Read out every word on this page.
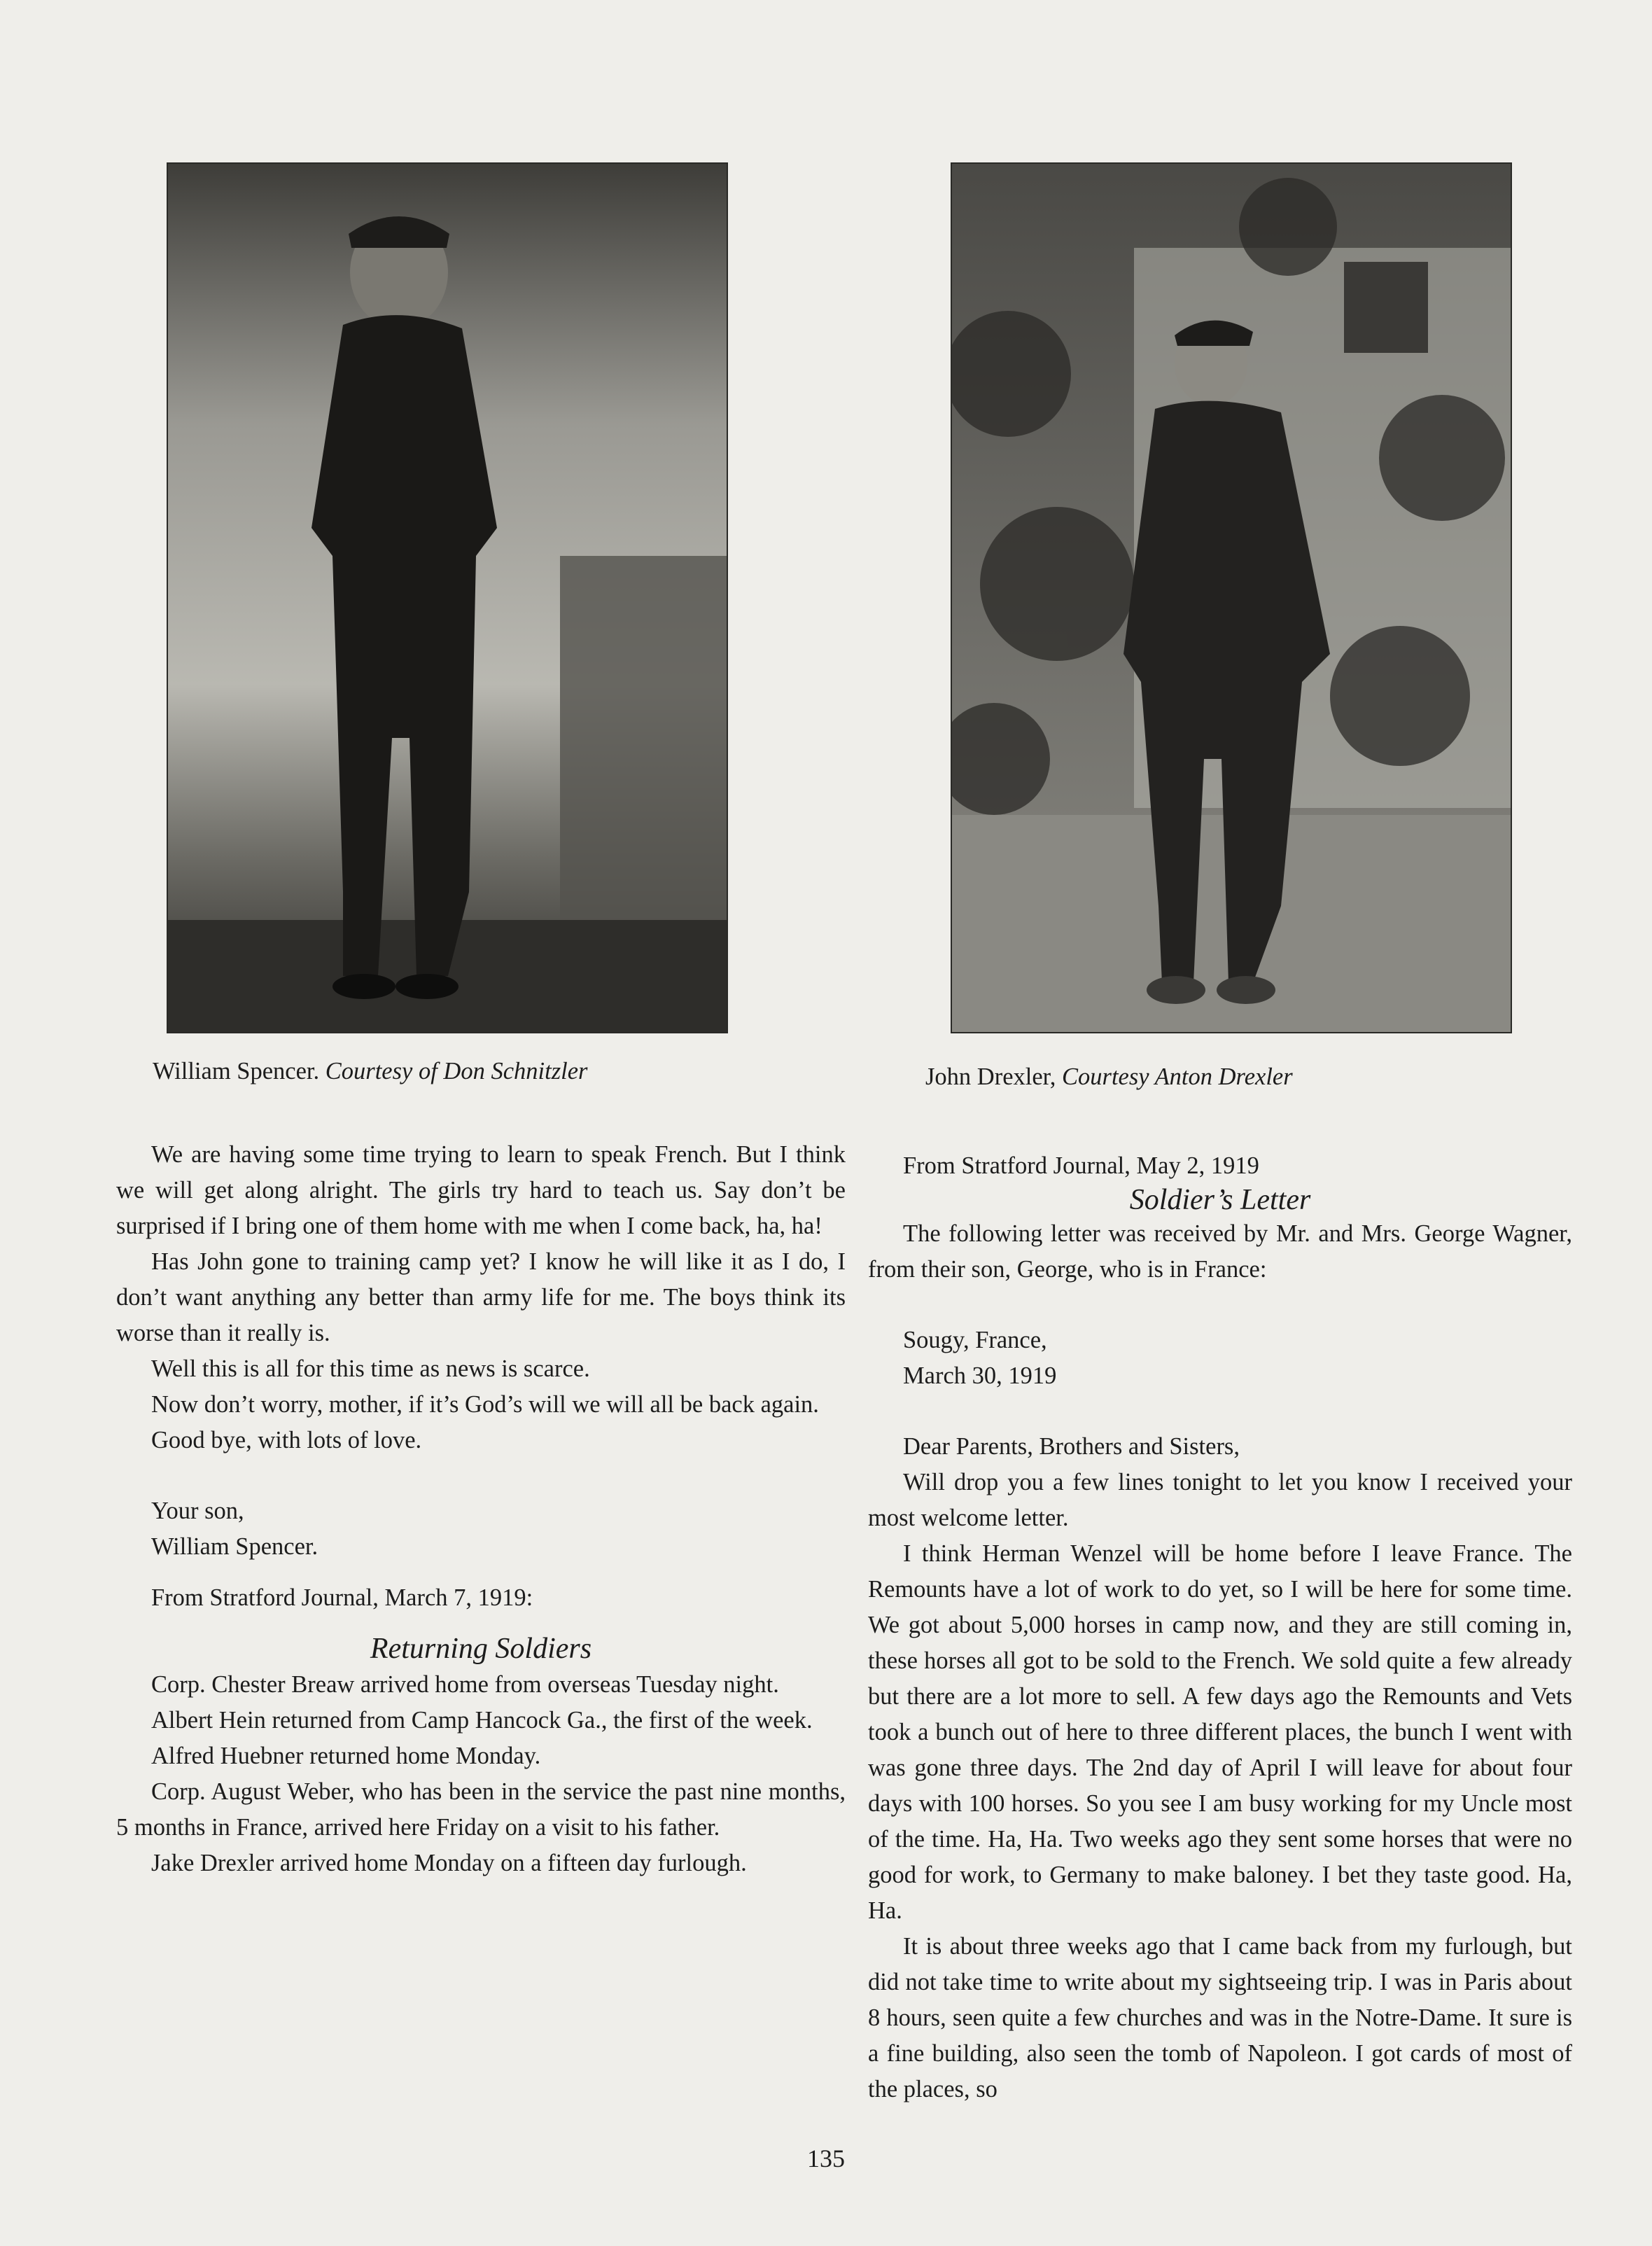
William Spencer. Courtesy of Don Schnitzler	John Drexler, Courtesy Anton Drexler

We are having some time trying to learn to speak French. But I think we will get along alright. The girls try hard to teach us. Say don’t be surprised if I bring one of them home with me when I come back, ha, ha!

Has John gone to training camp yet? I know he will like it as I do, I don’t want anything any better than army life for me. The boys think its worse than it really is.

Well this is all for this time as news is scarce.

Now don’t worry, mother, if it’s God’s will we will all be back again.

Good bye, with lots of love.

Your son,

William Spencer.

From Stratford Journal, March 7, 1919:

Returning Soldiers

Corp. Chester Breaw arrived home from overseas Tuesday night.

Albert Hein returned from Camp Hancock Ga., the first of the week.

Alfred Huebner returned home Monday.

Corp. August Weber, who has been in the service the past nine months, 5 months in France, arrived here Friday on a visit to his father.

Jake Drexler arrived home Monday on a fifteen day furlough.

From Stratford Journal, May 2, 1919

Soldier’s Letter

The following letter was received by Mr. and Mrs. George Wagner, from their son, George, who is in France:

Sougy, France,

March 30, 1919

Dear Parents, Brothers and Sisters,

Will drop you a few lines tonight to let you know I received your most welcome letter.

I think Herman Wenzel will be home before I leave France. The Remounts have a lot of work to do yet, so I will be here for some time. We got about 5,000 horses in camp now, and they are still coming in, these horses all got to be sold to the French. We sold quite a few already but there are a lot more to sell. A few days ago the Remounts and Vets took a bunch out of here to three different places, the bunch I went with was gone three days. The 2nd day of April I will leave for about four days with 100 horses. So you see I am busy working for my Uncle most of the time. Ha, Ha. Two weeks ago they sent some horses that were no good for work, to Germany to make baloney. I bet they taste good. Ha, Ha.

It is about three weeks ago that I came back from my furlough, but did not take time to write about my sightseeing trip. I was in Paris about 8 hours, seen quite a few churches and was in the Notre-Dame. It sure is a fine building, also seen the tomb of Napoleon. I got cards of most of the places, so

135
